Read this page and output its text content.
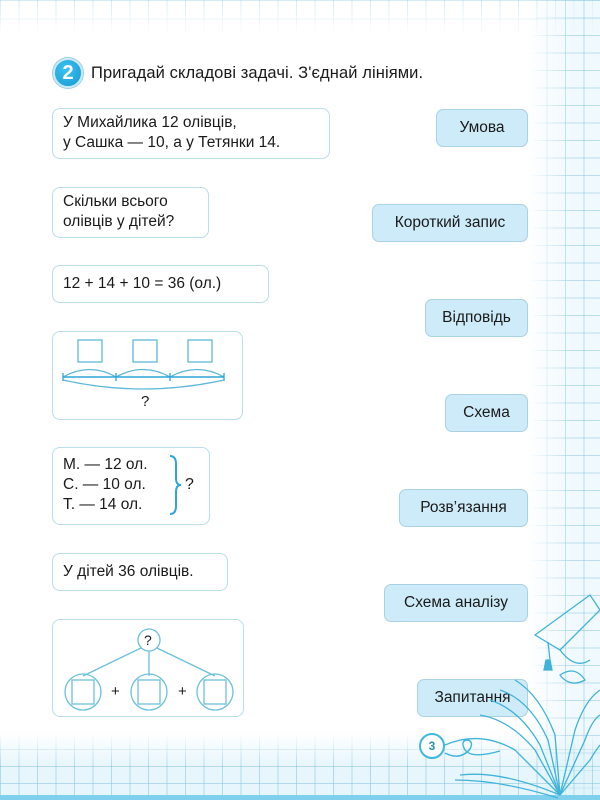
2	Пригадай складові задачі. З'єднай лініями.
У Михайлика 12 олівців,
у Сашка — 10, а у Тетянки 14.
Скільки всього
олівців у дітей?
12 + 14 + 10 = 36 (ол.)
?
М. — 12 ол.
С. — 10 ол.
Т. — 14 ол.
?
У дітей 36 олівців.
?
+	+
Умова
Короткий запис
Відповідь
Схема
Розв’язання
Схема аналізу
Запитання
3
